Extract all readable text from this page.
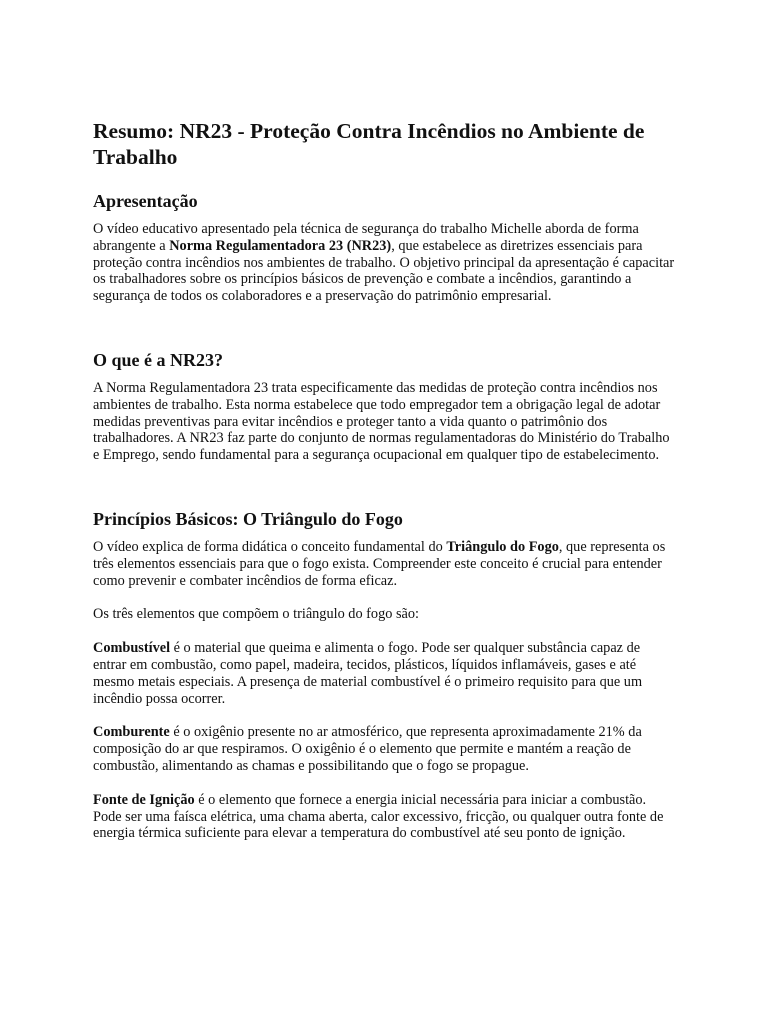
Resumo: NR23 - Proteção Contra Incêndios no Ambiente de Trabalho
Apresentação

O vídeo educativo apresentado pela técnica de segurança do trabalho Michelle aborda de forma abrangente a Norma Regulamentadora 23 (NR23), que estabelece as diretrizes essenciais para proteção contra incêndios nos ambientes de trabalho. O objetivo principal da apresentação é capacitar os trabalhadores sobre os princípios básicos de prevenção e combate a incêndios, garantindo a segurança de todos os colaboradores e a preservação do patrimônio empresarial.

O que é a NR23?

A Norma Regulamentadora 23 trata especificamente das medidas de proteção contra incêndios nos ambientes de trabalho. Esta norma estabelece que todo empregador tem a obrigação legal de adotar medidas preventivas para evitar incêndios e proteger tanto a vida quanto o patrimônio dos trabalhadores. A NR23 faz parte do conjunto de normas regulamentadoras do Ministério do Trabalho e Emprego, sendo fundamental para a segurança ocupacional em qualquer tipo de estabelecimento.

Princípios Básicos: O Triângulo do Fogo

O vídeo explica de forma didática o conceito fundamental do Triângulo do Fogo, que representa os três elementos essenciais para que o fogo exista. Compreender este conceito é crucial para entender como prevenir e combater incêndios de forma eficaz.

Os três elementos que compõem o triângulo do fogo são:

Combustível é o material que queima e alimenta o fogo. Pode ser qualquer substância capaz de entrar em combustão, como papel, madeira, tecidos, plásticos, líquidos inflamáveis, gases e até mesmo metais especiais. A presença de material combustível é o primeiro requisito para que um incêndio possa ocorrer.

Comburente é o oxigênio presente no ar atmosférico, que representa aproximadamente 21% da composição do ar que respiramos. O oxigênio é o elemento que permite e mantém a reação de combustão, alimentando as chamas e possibilitando que o fogo se propague.

Fonte de Ignição é o elemento que fornece a energia inicial necessária para iniciar a combustão. Pode ser uma faísca elétrica, uma chama aberta, calor excessivo, fricção, ou qualquer outra fonte de energia térmica suficiente para elevar a temperatura do combustível até seu ponto de ignição.
